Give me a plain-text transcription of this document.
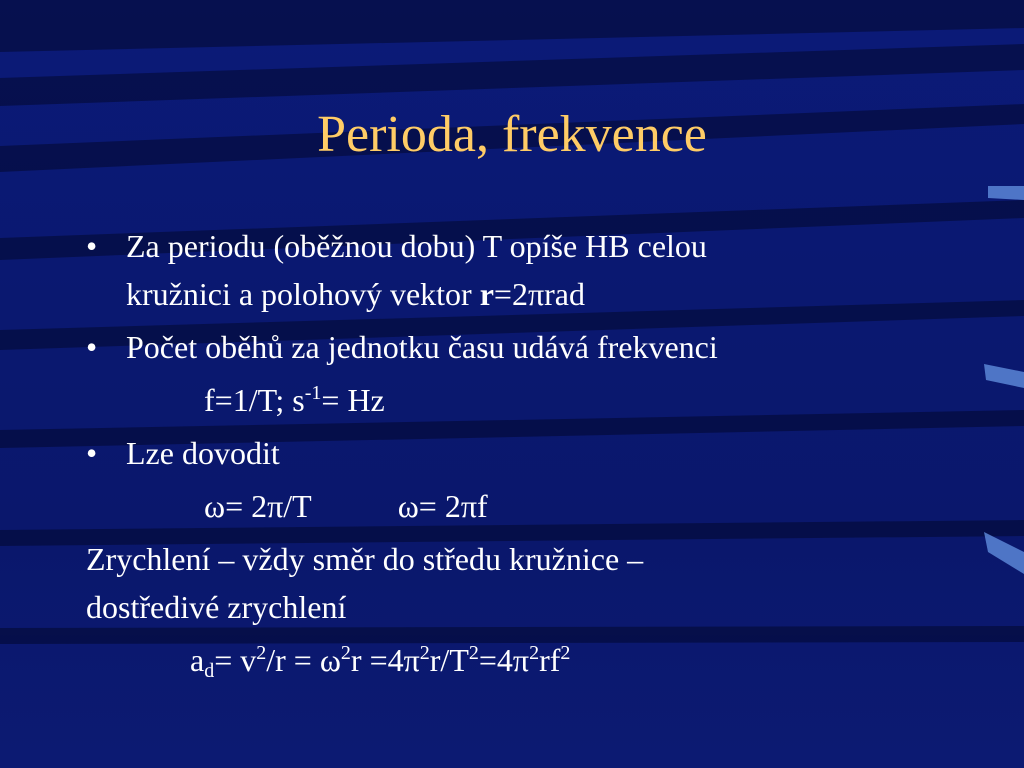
Perioda, frekvence
• Za periodu (oběžnou dobu) T opíše HB celou
kružnici a polohový vektor r=2πrad
• Počet oběhů za jednotku času udává frekvenci
f=1/T; $s^{-1}= Hz$
• Lze dovodit
ω= 2π/T	ω= 2πf
Zrychlení – vždy směr do středu kružnice –
dostředivé zrychlení
$a_d= v^2/r = \omega^2r =4\pi^2r/T^2=4\pi^2rf^2$
